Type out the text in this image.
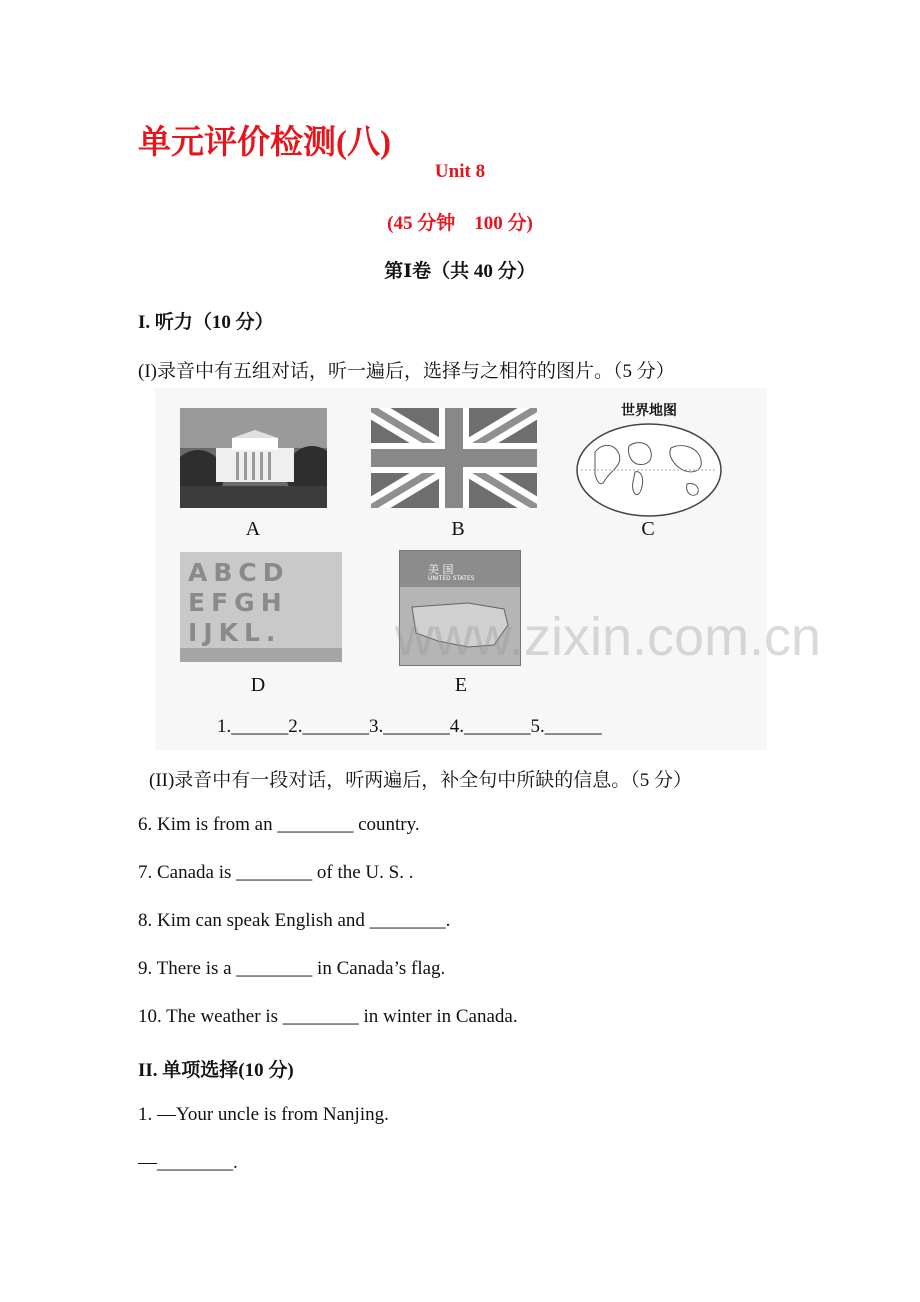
单元评价检测(八)
Unit 8
(45 分钟　100 分)
第Ⅰ卷（共 40 分）
I. 听力（10 分）
(I)录音中有五组对话，听一遍后，选择与之相符的图片。（5 分）
世界地图
ABCD
EFGH
IJKL.
美 国
UNITED STATES
A	B	C
D	E
www.zixin.com.cn
1.______2._______3._______4._______5.______
(II)录音中有一段对话，听两遍后，补全句中所缺的信息。（5 分）
6. Kim is from an ________ country.
7. Canada is ________ of the U. S. .
8. Kim can speak English and ________.
9. There is a ________ in Canada’s flag.
10. The weather is ________ in winter in Canada.
II. 单项选择(10 分)
1. —Your uncle is from Nanjing.
—________.
